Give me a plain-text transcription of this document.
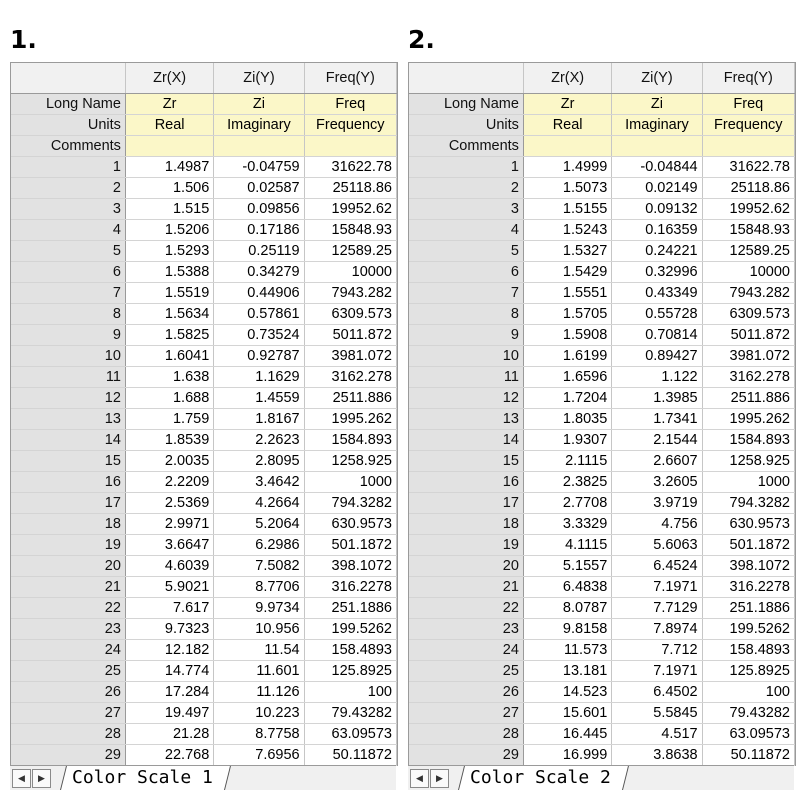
1.
	Zr(X)	Zi(Y)	Freq(Y)
Long Name	Zr	Zi	Freq
Units	Real	Imaginary	Frequency
Comments			
1	1.4987	-0.04759	31622.78
2	1.506	0.02587	25118.86
3	1.515	0.09856	19952.62
4	1.5206	0.17186	15848.93
5	1.5293	0.25119	12589.25
6	1.5388	0.34279	10000
7	1.5519	0.44906	7943.282
8	1.5634	0.57861	6309.573
9	1.5825	0.73524	5011.872
10	1.6041	0.92787	3981.072
11	1.638	1.1629	3162.278
12	1.688	1.4559	2511.886
13	1.759	1.8167	1995.262
14	1.8539	2.2623	1584.893
15	2.0035	2.8095	1258.925
16	2.2209	3.4642	1000
17	2.5369	4.2664	794.3282
18	2.9971	5.2064	630.9573
19	3.6647	6.2986	501.1872
20	4.6039	7.5082	398.1072
21	5.9021	8.7706	316.2278
22	7.617	9.9734	251.1886
23	9.7323	10.956	199.5262
24	12.182	11.54	158.4893
25	14.774	11.601	125.8925
26	17.284	11.126	100
27	19.497	10.223	79.43282
28	21.28	8.7758	63.09573
29	22.768	7.6956	50.11872
◀	▶	Color Scale 1
2.
	Zr(X)	Zi(Y)	Freq(Y)
Long Name	Zr	Zi	Freq
Units	Real	Imaginary	Frequency
Comments			
1	1.4999	-0.04844	31622.78
2	1.5073	0.02149	25118.86
3	1.5155	0.09132	19952.62
4	1.5243	0.16359	15848.93
5	1.5327	0.24221	12589.25
6	1.5429	0.32996	10000
7	1.5551	0.43349	7943.282
8	1.5705	0.55728	6309.573
9	1.5908	0.70814	5011.872
10	1.6199	0.89427	3981.072
11	1.6596	1.122	3162.278
12	1.7204	1.3985	2511.886
13	1.8035	1.7341	1995.262
14	1.9307	2.1544	1584.893
15	2.1115	2.6607	1258.925
16	2.3825	3.2605	1000
17	2.7708	3.9719	794.3282
18	3.3329	4.756	630.9573
19	4.1115	5.6063	501.1872
20	5.1557	6.4524	398.1072
21	6.4838	7.1971	316.2278
22	8.0787	7.7129	251.1886
23	9.8158	7.8974	199.5262
24	11.573	7.712	158.4893
25	13.181	7.1971	125.8925
26	14.523	6.4502	100
27	15.601	5.5845	79.43282
28	16.445	4.517	63.09573
29	16.999	3.8638	50.11872
◀	▶	Color Scale 2
